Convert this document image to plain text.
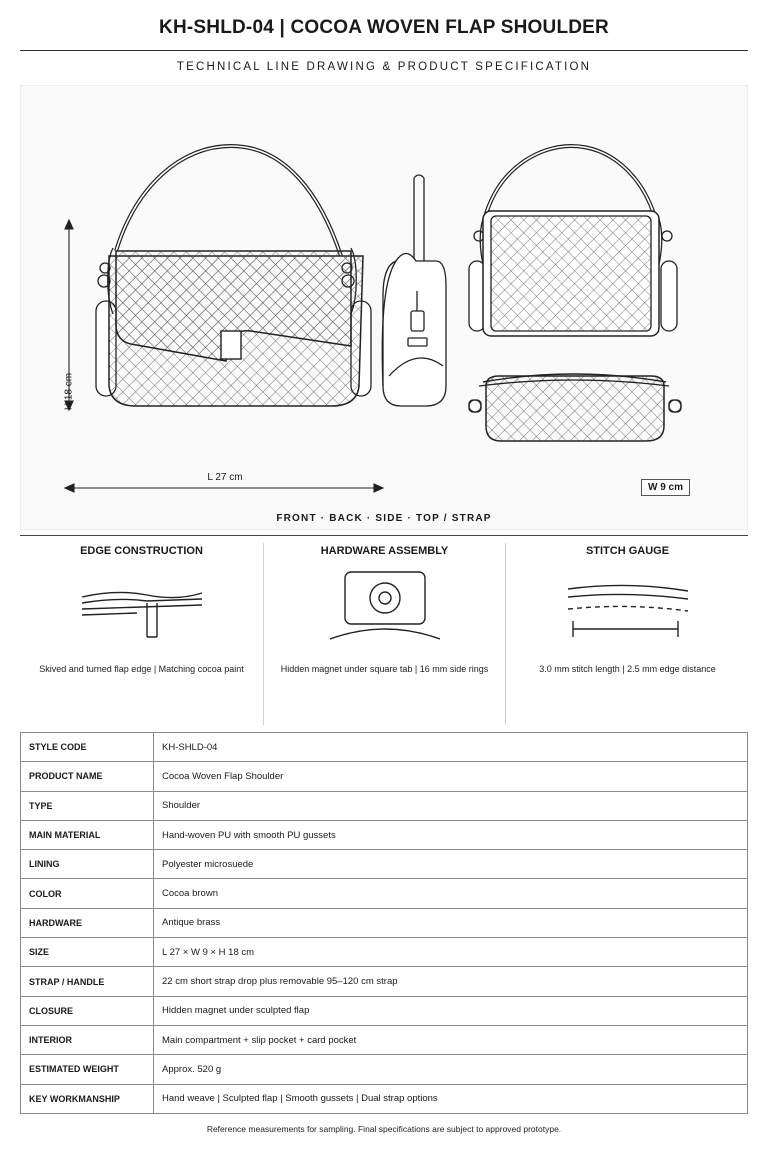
KH-SHLD-04 | COCOA WOVEN FLAP SHOULDER
TECHNICAL LINE DRAWING & PRODUCT SPECIFICATION
H 18 cm
L 27 cm
W 9 cm
FRONT · BACK · SIDE · TOP / STRAP
EDGE CONSTRUCTION

Skived and turned flap edge | Matching cocoa paint

HARDWARE ASSEMBLY

Hidden magnet under square tab | 16 mm side rings

STITCH GAUGE

3.0 mm stitch length | 2.5 mm edge distance

STYLE CODE	KH-SHLD-04
PRODUCT NAME	Cocoa Woven Flap Shoulder
TYPE	Shoulder
MAIN MATERIAL	Hand-woven PU with smooth PU gussets
LINING	Polyester microsuede
COLOR	Cocoa brown
HARDWARE	Antique brass
SIZE	L 27 × W 9 × H 18 cm
STRAP / HANDLE	22 cm short strap drop plus removable 95–120 cm strap
CLOSURE	Hidden magnet under sculpted flap
INTERIOR	Main compartment + slip pocket + card pocket
ESTIMATED WEIGHT	Approx. 520 g
KEY WORKMANSHIP	Hand weave | Sculpted flap | Smooth gussets | Dual strap options
Reference measurements for sampling. Final specifications are subject to approved prototype.
